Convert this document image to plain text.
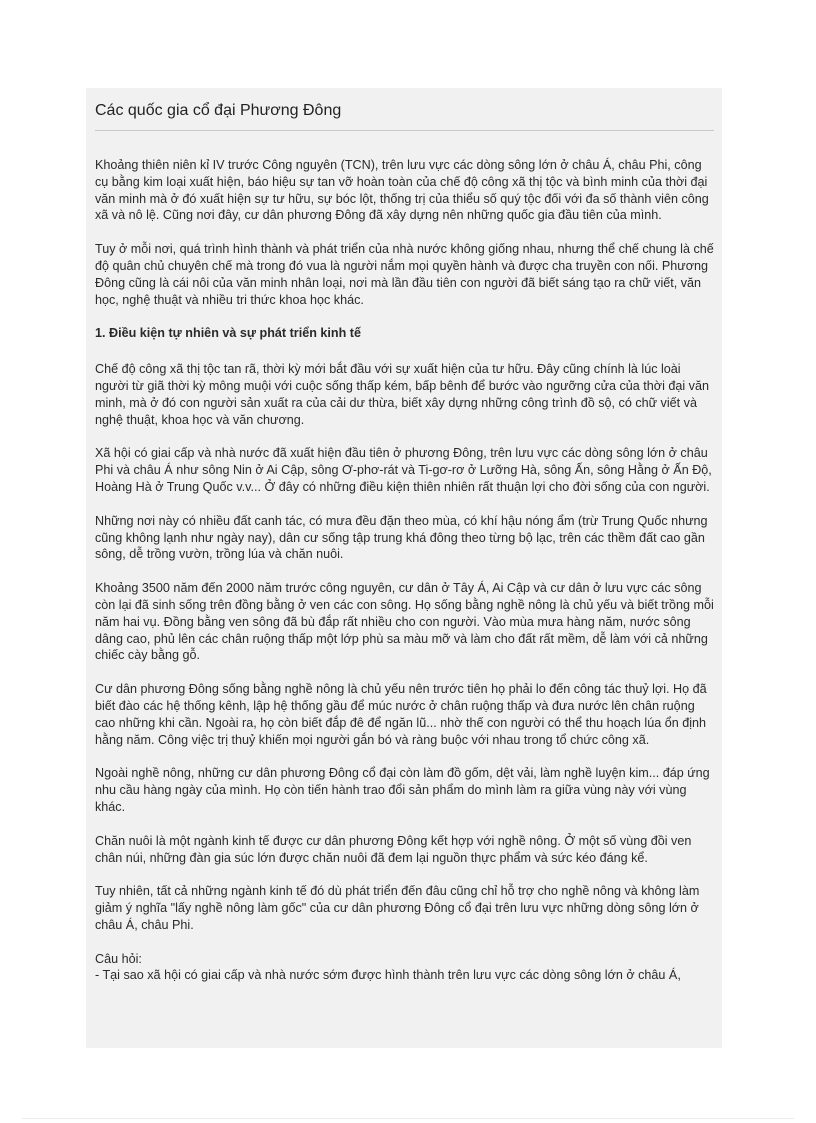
Các quốc gia cổ đại Phương Đông

Khoảng thiên niên kỉ IV trước Công nguyên (TCN), trên lưu vực các dòng sông lớn ở châu Á, châu Phi, công cụ bằng kim loại xuất hiện, báo hiệu sự tan vỡ hoàn toàn của chế độ công xã thị tộc và bình minh của thời đại văn minh mà ở đó xuất hiện sự tư hữu, sự bóc lột, thống trị của thiểu số quý tộc đối với đa số thành viên công xã và nô lệ. Cũng nơi đây, cư dân phương Đông đã xây dựng nên những quốc gia đầu tiên của mình.

Tuy ở mỗi nơi, quá trình hình thành và phát triển của nhà nước không giống nhau, nhưng thể chế chung là chế độ quân chủ chuyên chế mà trong đó vua là người nắm mọi quyền hành và được cha truyền con nối. Phương Đông cũng là cái nôi của văn minh nhân loại, nơi mà lần đầu tiên con người đã biết sáng tạo ra chữ viết, văn học, nghệ thuật và nhiều tri thức khoa học khác.

1. Điều kiện tự nhiên và sự phát triển kinh tế

Chế độ công xã thị tộc tan rã, thời kỳ mới bắt đầu với sự xuất hiện của tư hữu. Đây cũng chính là lúc loài người từ giã thời kỳ mông muội với cuộc sống thấp kém, bấp bênh để bước vào ngưỡng cửa của thời đại văn minh, mà ở đó con người sản xuất ra của cải dư thừa, biết xây dựng những công trình đồ sộ, có chữ viết và nghệ thuật, khoa học và văn chương.

Xã hội có giai cấp và nhà nước đã xuất hiện đầu tiên ở phương Đông, trên lưu vực các dòng sông lớn ở châu Phi và châu Á như sông Nin ở Ai Cập, sông Ơ-phơ-rát và Ti-gơ-rơ ở Lưỡng Hà, sông Ấn, sông Hằng ở Ấn Độ, Hoàng Hà ở Trung Quốc v.v... Ở đây có những điều kiện thiên nhiên rất thuận lợi cho đời sống của con người.

Những nơi này có nhiều đất canh tác, có mưa đều đặn theo mùa, có khí hậu nóng ẩm (trừ Trung Quốc nhưng cũng không lạnh như ngày nay), dân cư sống tập trung khá đông theo từng bộ lạc, trên các thềm đất cao gần sông, dễ trồng vườn, trồng lúa và chăn nuôi.

Khoảng 3500 năm đến 2000 năm trước công nguyên, cư dân ở Tây Á, Ai Cập và cư dân ở lưu vực các sông còn lại đã sinh sống trên đồng bằng ở ven các con sông. Họ sống bằng nghề nông là chủ yếu và biết trồng mỗi năm hai vụ. Đồng bằng ven sông đã bù đắp rất nhiều cho con người. Vào mùa mưa hàng năm, nước sông dâng cao, phủ lên các chân ruộng thấp một lớp phù sa màu mỡ và làm cho đất rất mềm, dễ làm với cả những chiếc cày bằng gỗ.

Cư dân phương Đông sống bằng nghề nông là chủ yếu nên trước tiên họ phải lo đến công tác thuỷ lợi. Họ đã biết đào các hệ thống kênh, lập hệ thống gầu để múc nước ở chân ruộng thấp và đưa nước lên chân ruộng cao những khi cần. Ngoài ra, họ còn biết đắp đê để ngăn lũ... nhờ thế con người có thể thu hoạch lúa ổn định hằng năm. Công việc trị thuỷ khiến mọi người gắn bó và ràng buộc với nhau trong tổ chức công xã.

Ngoài nghề nông, những cư dân phương Đông cổ đại còn làm đồ gốm, dệt vải, làm nghề luyện kim... đáp ứng nhu cầu hàng ngày của mình. Họ còn tiến hành trao đổi sản phẩm do mình làm ra giữa vùng này với vùng khác.

Chăn nuôi là một ngành kinh tế được cư dân phương Đông kết hợp với nghề nông. Ở một số vùng đồi ven chân núi, những đàn gia súc lớn được chăn nuôi đã đem lại nguồn thực phẩm và sức kéo đáng kể.

Tuy nhiên, tất cả những ngành kinh tế đó dù phát triển đến đâu cũng chỉ hỗ trợ cho nghề nông và không làm giảm ý nghĩa "lấy nghề nông làm gốc" của cư dân phương Đông cổ đại trên lưu vực những dòng sông lớn ở châu Á, châu Phi.

Câu hỏi:

- Tại sao xã hội có giai cấp và nhà nước sớm được hình thành trên lưu vực các dòng sông lớn ở châu Á,
